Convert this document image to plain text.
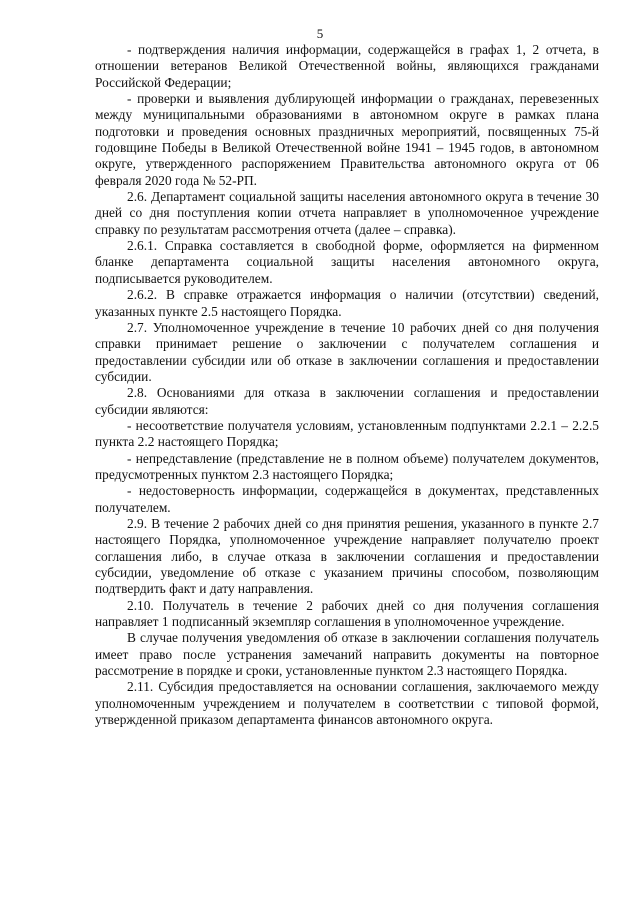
5

- подтверждения наличия информации, содержащейся в графах 1, 2 отчета, в отношении ветеранов Великой Отечественной войны, являющихся гражданами Российской Федерации;

- проверки и выявления дублирующей информации о гражданах, перевезенных между муниципальными образованиями в автономном округе в рамках плана подготовки и проведения основных праздничных мероприятий, посвященных 75-й годовщине Победы в Великой Отечественной войне 1941 – 1945 годов, в автономном округе, утвержденного распоряжением Правительства автономного округа от 06 февраля 2020 года № 52-РП.

2.6. Департамент социальной защиты населения автономного округа в течение 30 дней со дня поступления копии отчета направляет в уполномоченное учреждение справку по результатам рассмотрения отчета (далее – справка).

2.6.1. Справка составляется в свободной форме, оформляется на фирменном бланке департамента социальной защиты населения автономного округа, подписывается руководителем.

2.6.2. В справке отражается информация о наличии (отсутствии) сведений, указанных пункте 2.5 настоящего Порядка.

2.7. Уполномоченное учреждение в течение 10 рабочих дней со дня получения справки принимает решение о заключении с получателем соглашения и предоставлении субсидии или об отказе в заключении соглашения и предоставлении субсидии.

2.8. Основаниями для отказа в заключении соглашения и предоставлении субсидии являются:

- несоответствие получателя условиям, установленным подпунктами 2.2.1 – 2.2.5 пункта 2.2 настоящего Порядка;

- непредставление (представление не в полном объеме) получателем документов, предусмотренных пунктом 2.3 настоящего Порядка;

- недостоверность информации, содержащейся в документах, представленных получателем.

2.9. В течение 2 рабочих дней со дня принятия решения, указанного в пункте 2.7 настоящего Порядка, уполномоченное учреждение направляет получателю проект соглашения либо, в случае отказа в заключении соглашения и предоставлении субсидии, уведомление об отказе с указанием причины способом, позволяющим подтвердить факт и дату направления.

2.10. Получатель в течение 2 рабочих дней со дня получения соглашения направляет 1 подписанный экземпляр соглашения в уполномоченное учреждение.

В случае получения уведомления об отказе в заключении соглашения получатель имеет право после устранения замечаний направить документы на повторное рассмотрение в порядке и сроки, установленные пунктом 2.3 настоящего Порядка.

2.11. Субсидия предоставляется на основании соглашения, заключаемого между уполномоченным учреждением и получателем в соответствии с типовой формой, утвержденной приказом департамента финансов автономного округа.
